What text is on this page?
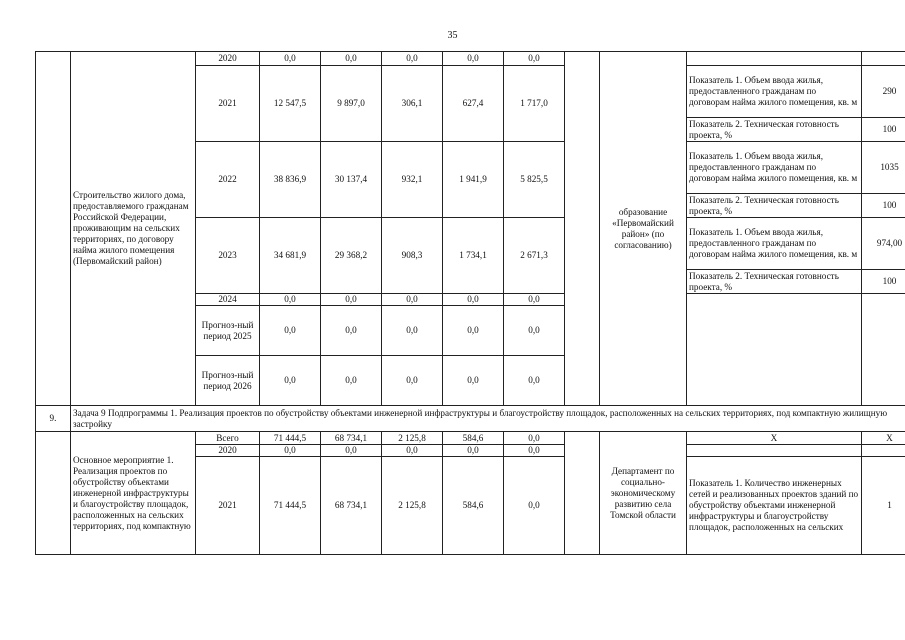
35
	Строительство жилого дома, предоставляемого гражданам Российской Федерации, проживающим на сельских территориях, по договору найма жилого помещения (Первомайский район)	2020	0,0	0,0	0,0	0,0	0,0		образование «Первомайский район» (по согласованию)		
		2021	12 547,5	9 897,0	306,1	627,4	1 717,0			Показатель 1. Объем ввода жилья, предоставленного гражданам по договорам найма жилого помещения, кв. м	290
										Показатель 2. Техническая готовность проекта, %	100
		2022	38 836,9	30 137,4	932,1	1 941,9	5 825,5			Показатель 1. Объем ввода жилья, предоставленного гражданам по договорам найма жилого помещения, кв. м	1035
										Показатель 2. Техническая готовность проекта, %	100
		2023	34 681,9	29 368,2	908,3	1 734,1	2 671,3			Показатель 1. Объем ввода жилья, предоставленного гражданам по договорам найма жилого помещения, кв. м	974,00
										Показатель 2. Техническая готовность проекта, %	100
		2024	0,0	0,0	0,0	0,0	0,0				
		Прогноз-ный период 2025	0,0	0,0	0,0	0,0	0,0				
		Прогноз-ный период 2026	0,0	0,0	0,0	0,0	0,0				
9.	Задача 9 Подпрограммы 1. Реализация проектов по обустройству объектами инженерной инфраструктуры и благоустройству площадок, расположенных на сельских территориях, под компактную жилищную застройку										
	Основное мероприятие 1. Реализация проектов по обустройству объектами инженерной инфраструктуры и благоустройству площадок, расположенных на сельских территориях, под компактную	Всего	71 444,5	68 734,1	2 125,8	584,6	0,0		Департамент по социально-экономическому развитию села Томской области	X	X
		2020	0,0	0,0	0,0	0,0	0,0				
		2021	71 444,5	68 734,1	2 125,8	584,6	0,0			Показатель 1. Количество инженерных сетей и реализованных проектов зданий по обустройству объектами инженерной инфраструктуры и благоустройству площадок, расположенных на сельских	1
